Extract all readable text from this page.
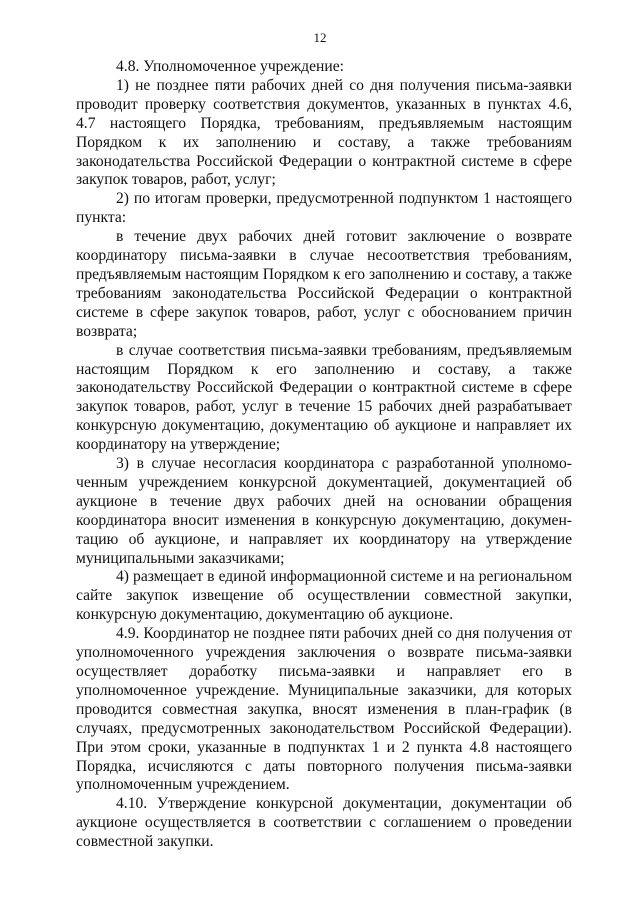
12

4.8. Уполномоченное учреждение:

1) не позднее пяти рабочих дней со дня получения письма-заявки проводит проверку соответствия документов, указанных в пунктах 4.6, 4.7 настоящего Порядка, требованиям, предъявляемым настоящим Порядком к их заполнению и составу, а также требованиям законодательства Российской Федерации о контрактной системе в сфере закупок товаров, работ, услуг;

2) по итогам проверки, предусмотренной подпунктом 1 настоящего пункта:

в течение двух рабочих дней готовит заключение о возврате координатору письма-заявки в случае несоответствия требованиям, предъявляемым настоящим Порядком к его заполнению и составу, а также требованиям законодательства Российской Федерации о контрактной системе в сфере закупок товаров, работ, услуг с обоснованием причин возврата;

в случае соответствия письма-заявки требованиям, предъявляемым настоящим Порядком к его заполнению и составу, а также законодательству Российской Федерации о контрактной системе в сфере закупок товаров, работ, услуг в течение 15 рабочих дней разрабатывает конкурсную документацию, документацию об аукционе и направляет их координатору на утверждение;

3) в случае несогласия координатора с разработанной уполномоченным учреждением конкурсной документацией, документацией об аукционе в течение двух рабочих дней на основании обращения координатора вносит изменения в конкурсную документацию, документацию об аукционе, и направляет их координатору на утверждение муниципальными заказчиками;

4) размещает в единой информационной системе и на региональном сайте закупок извещение об осуществлении совместной закупки, конкурсную документацию, документацию об аукционе.

4.9. Координатор не позднее пяти рабочих дней со дня получения от уполномоченного учреждения заключения о возврате письма-заявки осуществляет доработку письма-заявки и направляет его в уполномоченное учреждение. Муниципальные заказчики, для которых проводится совместная закупка, вносят изменения в план-график (в случаях, предусмотренных законодательством Российской Федерации). При этом сроки, указанные в подпунктах 1 и 2 пункта 4.8 настоящего Порядка, исчисляются с даты повторного получения письма-заявки уполномоченным учреждением.

4.10. Утверждение конкурсной документации, документации об аукционе осуществляется в соответствии с соглашением о проведении совместной закупки.
